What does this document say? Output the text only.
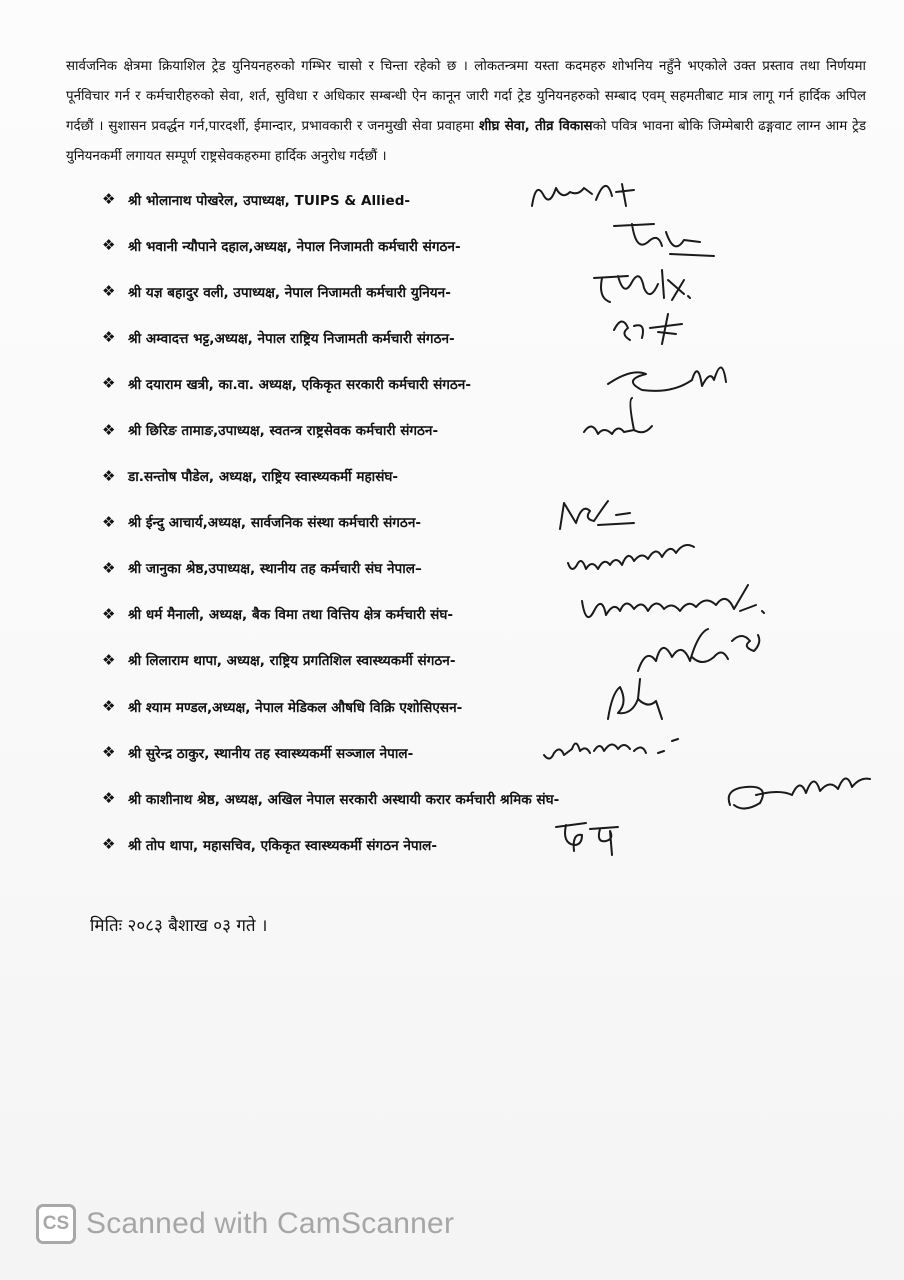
सार्वजनिक क्षेत्रमा क्रियाशिल ट्रेड युनियनहरुको गम्भिर चासो र चिन्ता रहेको छ । लोकतन्त्रमा यस्ता कदमहरु शोभनिय नहुँने भएकोले उक्त प्रस्ताव तथा निर्णयमा पूर्नविचार गर्न र कर्मचारीहरुको सेवा, शर्त, सुविधा र अधिकार सम्बन्धी ऐन कानून जारी गर्दा ट्रेड युनियनहरुको सम्बाद एवम् सहमतीबाट मात्र लागू गर्न हार्दिक अपिल गर्दछौं । सुशासन प्रवर्द्धन गर्न,पारदर्शी, ईमान्दार, प्रभावकारी र जनमुखी सेवा प्रवाहमा शीघ्र सेवा, तीव्र विकासको पवित्र भावना बोकि जिम्मेबारी ढङ्गवाट लाग्न आम ट्रेड युनियनकर्मी लगायत सम्पूर्ण राष्ट्रसेवकहरुमा हार्दिक अनुरोध गर्दछौं ।

❖ श्री भोलानाथ पोखरेल, उपाध्यक्ष, TUIPS & Allied-
❖ श्री भवानी न्यौपाने दहाल,अध्यक्ष, नेपाल निजामती कर्मचारी संगठन-
❖ श्री यज्ञ बहादुर वली, उपाध्यक्ष, नेपाल निजामती कर्मचारी युनियन-
❖ श्री अम्वादत्त भट्ट,अध्यक्ष, नेपाल राष्ट्रिय निजामती कर्मचारी संगठन-
❖ श्री दयाराम खत्री, का.वा. अध्यक्ष, एकिकृत सरकारी कर्मचारी संगठन-
❖ श्री छिरिङ तामाङ,उपाध्यक्ष, स्वतन्त्र राष्ट्रसेवक कर्मचारी संगठन-
❖ डा.सन्तोष पौडेल, अध्यक्ष, राष्ट्रिय स्वास्थ्यकर्मी महासंघ-
❖ श्री ईन्दु आचार्य,अध्यक्ष, सार्वजनिक संस्था कर्मचारी संगठन-
❖ श्री जानुका श्रेष्ठ,उपाध्यक्ष, स्थानीय तह कर्मचारी संघ नेपाल–
❖ श्री धर्म मैनाली, अध्यक्ष, बैक विमा तथा वित्तिय क्षेत्र कर्मचारी संघ-
❖ श्री लिलाराम थापा, अध्यक्ष, राष्ट्रिय प्रगतिशिल स्वास्थ्यकर्मी संगठन-
❖ श्री श्याम मण्डल,अध्यक्ष, नेपाल मेडिकल औषधि विक्रि एशोसिएसन-
❖ श्री सुरेन्द्र ठाकुर, स्थानीय तह स्वास्थ्यकर्मी सञ्जाल नेपाल-
❖ श्री काशीनाथ श्रेष्ठ, अध्यक्ष, अखिल नेपाल सरकारी अस्थायी करार कर्मचारी श्रमिक संघ-
❖ श्री तोप थापा, महासचिव, एकिकृत स्वास्थ्यकर्मी संगठन नेपाल-
मितिः २०८३ बैशाख ०३ गते ।
CS Scanned with CamScanner
